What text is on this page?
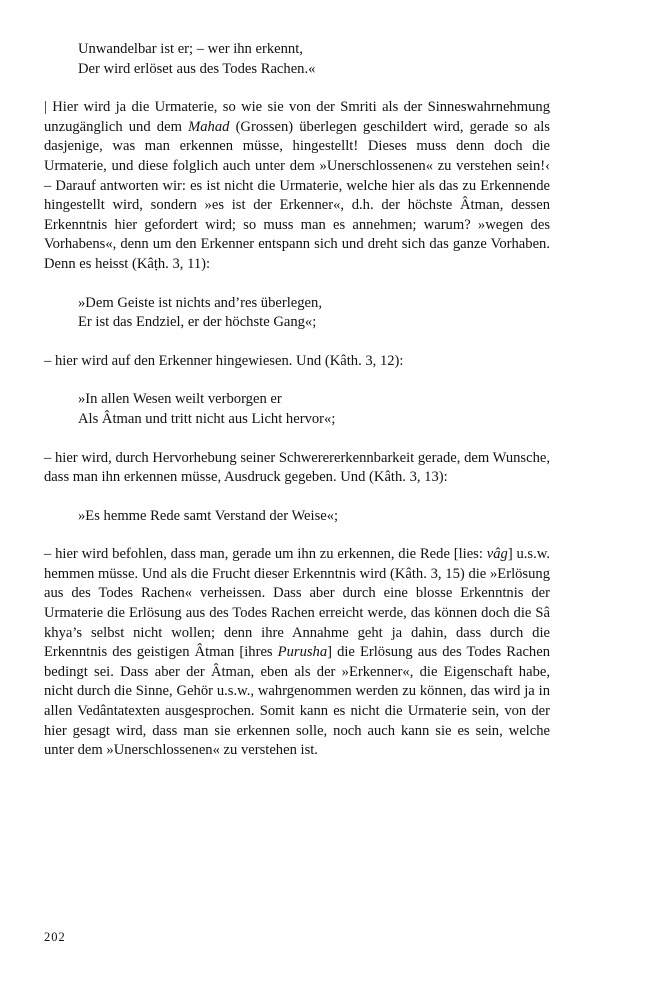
Unwandelbar ist er; – wer ihn erkennt,
Der wird erlöset aus des Todes Rachen.«

| Hier wird ja die Urmaterie, so wie sie von der Smriti als der Sinneswahrnehmung unzugänglich und dem Mahad (Grossen) überlegen geschildert wird, gerade so als dasjenige, was man erkennen müsse, hingestellt! Dieses muss denn doch die Urmaterie, und diese folglich auch unter dem »Unerschlossenen« zu verstehen sein!‹ – Darauf antworten wir: es ist nicht die Urmaterie, welche hier als das zu Erkennende hingestellt wird, sondern »es ist der Erkenner«, d.h. der höchste Âtman, dessen Erkenntnis hier gefordert wird; so muss man es annehmen; warum? »wegen des Vorhabens«, denn um den Erkenner entspann sich und dreht sich das ganze Vorhaben. Denn es heisst (Kâṭh. 3, 11):

»Dem Geiste ist nichts and’res überlegen,
Er ist das Endziel, er der höchste Gang«;

– hier wird auf den Erkenner hingewiesen. Und (Kâth. 3, 12):

»In allen Wesen weilt verborgen er
Als Âtman und tritt nicht aus Licht hervor«;

– hier wird, durch Hervorhebung seiner Schwerererkennbarkeit gerade, dem Wunsche, dass man ihn erkennen müsse, Ausdruck gegeben. Und (Kâth. 3, 13):

»Es hemme Rede samt Verstand der Weise«;

– hier wird befohlen, dass man, gerade um ihn zu erkennen, die Rede [lies: vâg] u.s.w. hemmen müsse. Und als die Frucht dieser Erkenntnis wird (Kâth. 3, 15) die »Erlösung aus des Todes Rachen« verheissen. Dass aber durch eine blosse Erkenntnis der Urmaterie die Erlösung aus des Todes Rachen erreicht werde, das können doch die Sâ khya’s selbst nicht wollen; denn ihre Annahme geht ja dahin, dass durch die Erkenntnis des geistigen Âtman [ihres Purusha] die Erlösung aus des Todes Rachen bedingt sei. Dass aber der Âtman, eben als der »Erkenner«, die Eigenschaft habe, nicht durch die Sinne, Gehör u.s.w., wahrgenommen werden zu können, das wird ja in allen Vedântatexten ausgesprochen. Somit kann es nicht die Urmaterie sein, von der hier gesagt wird, dass man sie erkennen solle, noch auch kann sie es sein, welche unter dem »Unerschlossenen« zu verstehen ist.

202
